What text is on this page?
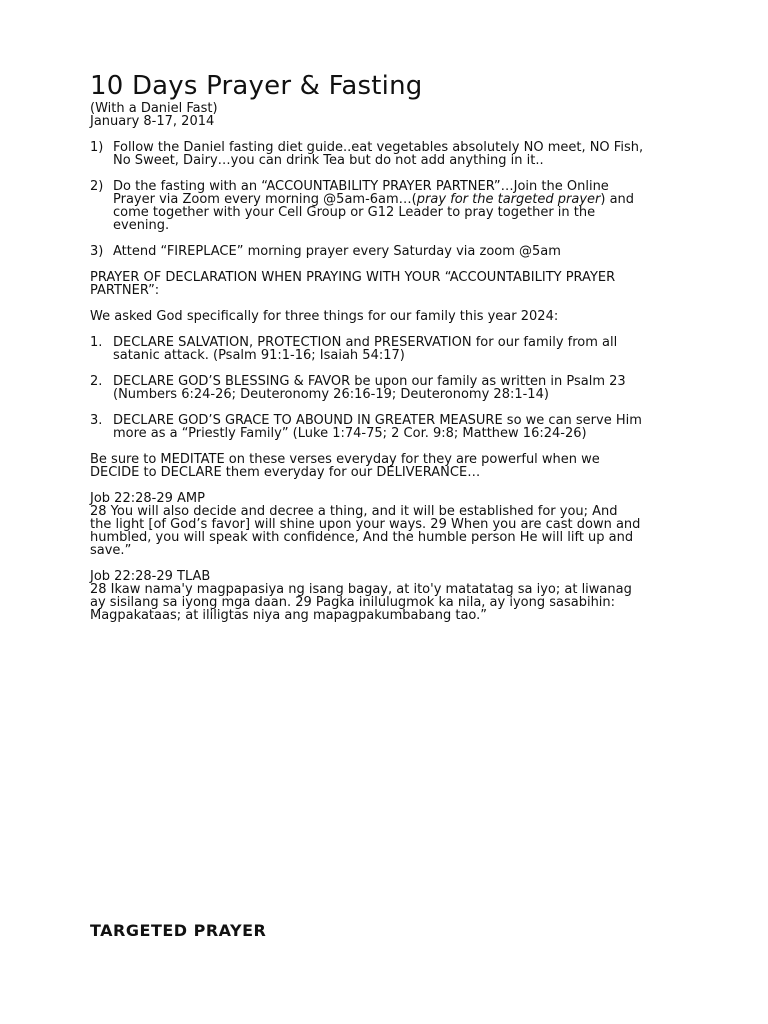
10 Days Prayer & Fasting

(With a Daniel Fast)

January 8-17, 2014

1) Follow the Daniel fasting diet guide..eat vegetables absolutely NO meet, NO Fish,
No Sweet, Dairy…you can drink Tea but do not add anything in it..
2) Do the fasting with an “ACCOUNTABILITY PRAYER PARTNER”…Join the Online
Prayer via Zoom every morning @5am-6am…(pray for the targeted prayer) and
come together with your Cell Group or G12 Leader to pray together in the
evening.
3) Attend “FIREPLACE” morning prayer every Saturday via zoom @5am

PRAYER OF DECLARATION WHEN PRAYING WITH YOUR “ACCOUNTABILITY PRAYER
PARTNER”:

We asked God specifically for three things for our family this year 2024:

1. DECLARE SALVATION, PROTECTION and PRESERVATION for our family from all
satanic attack. (Psalm 91:1-16; Isaiah 54:17)
2. DECLARE GOD’S BLESSING & FAVOR be upon our family as written in Psalm 23
(Numbers 6:24-26; Deuteronomy 26:16-19; Deuteronomy 28:1-14)
3. DECLARE GOD’S GRACE TO ABOUND IN GREATER MEASURE so we can serve Him
more as a “Priestly Family” (Luke 1:74-75; 2 Cor. 9:8; Matthew 16:24-26)

Be sure to MEDITATE on these verses everyday for they are powerful when we
DECIDE to DECLARE them everyday for our DELIVERANCE…

Job 22:28-29 AMP
28 You will also decide and decree a thing, and it will be established for you; And
the light [of God’s favor] will shine upon your ways. 29 When you are cast down and
humbled, you will speak with confidence, And the humble person He will lift up and
save.”

Job 22:28-29 TLAB
28 Ikaw nama'y magpapasiya ng isang bagay, at ito'y matatatag sa iyo; at liwanag
ay sisilang sa iyong mga daan. 29 Pagka inilulugmok ka nila, ay iyong sasabihin:
Magpakataas; at ililigtas niya ang mapagpakumbabang tao.”

TARGETED PRAYER
